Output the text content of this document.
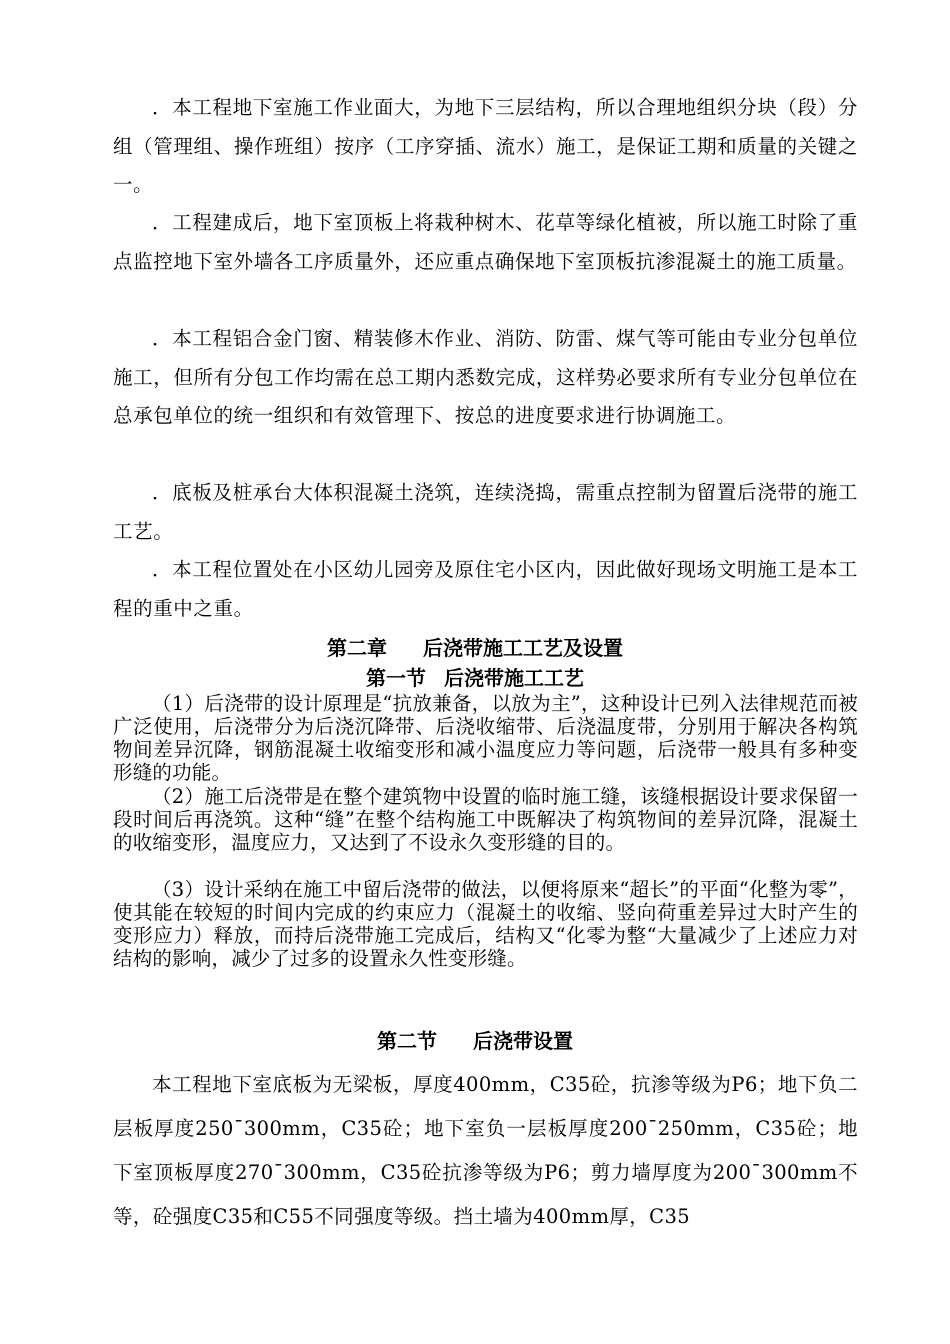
．本工程地下室施工作业面大，为地下三层结构，所以合理地组织分块（段）分组（管理组、操作班组）按序（工序穿插、流水）施工，是保证工期和质量的关键之一。

．工程建成后，地下室顶板上将栽种树木、花草等绿化植被，所以施工时除了重点监控地下室外墙各工序质量外，还应重点确保地下室顶板抗渗混凝土的施工质量。

．本工程铝合金门窗、精装修木作业、消防、防雷、煤气等可能由专业分包单位施工，但所有分包工作均需在总工期内悉数完成，这样势必要求所有专业分包单位在总承包单位的统一组织和有效管理下、按总的进度要求进行协调施工。

．底板及桩承台大体积混凝土浇筑，连续浇捣，需重点控制为留置后浇带的施工工艺。

．本工程位置处在小区幼儿园旁及原住宅小区内，因此做好现场文明施工是本工程的重中之重。

第二章 后浇带施工工艺及设置
第一节 后浇带施工工艺

（1）后浇带的设计原理是“抗放兼备，以放为主”，这种设计已列入法律规范而被广泛使用，后浇带分为后浇沉降带、后浇收缩带、后浇温度带，分别用于解决各构筑物间差异沉降，钢筋混凝土收缩变形和减小温度应力等问题，后浇带一般具有多种变形缝的功能。

（2）施工后浇带是在整个建筑物中设置的临时施工缝，该缝根据设计要求保留一段时间后再浇筑。这种“缝”在整个结构施工中既解决了构筑物间的差异沉降，混凝土的收缩变形，温度应力，又达到了不设永久变形缝的目的。

（3）设计采纳在施工中留后浇带的做法，以便将原来“超长”的平面“化整为零”，使其能在较短的时间内完成的约束应力（混凝土的收缩、竖向荷重差异过大时产生的变形应力）释放，而持后浇带施工完成后，结构又“化零为整“大量减少了上述应力对结构的影响，减少了过多的设置永久性变形缝。

第二节 后浇带设置

本工程地下室底板为无梁板，厚度400mm，C35砼，抗渗等级为P6；地下负二层板厚度250¯300mm，C35砼；地下室负一层板厚度200¯250mm，C35砼；地下室顶板厚度270¯300mm，C35砼抗渗等级为P6；剪力墙厚度为200¯300mm不等，砼强度C35和C55不同强度等级。挡土墙为400mm厚，C35
